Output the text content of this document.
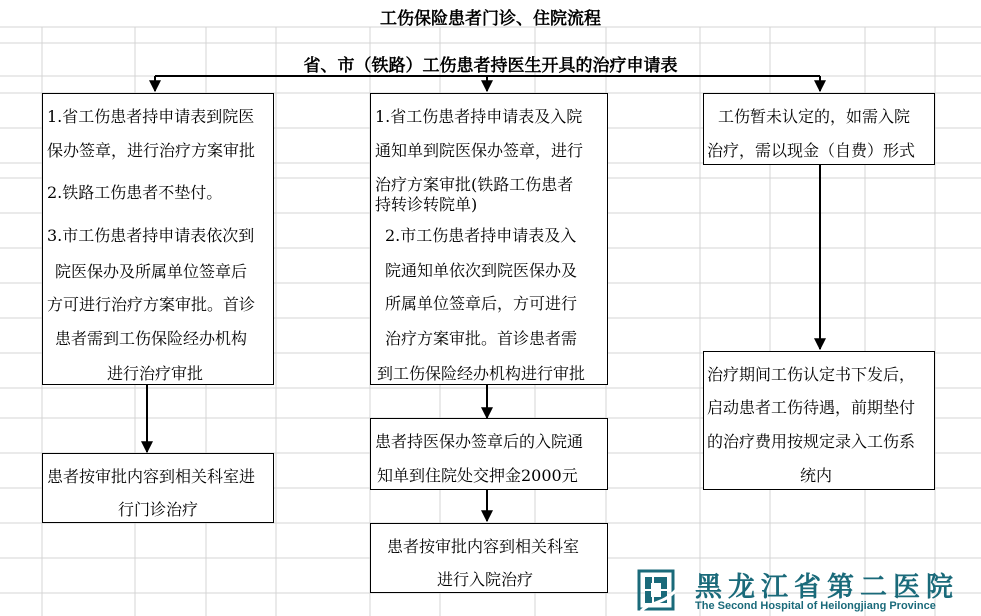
工伤保险患者门诊、住院流程
省、市（铁路）工伤患者持医生开具的治疗申请表

1.省工伤患者持申请表到院医

保办签章，进行治疗方案审批

2.铁路工伤患者不垫付。

3.市工伤患者持申请表依次到

院医保办及所属单位签章后

方可进行治疗方案审批。首诊

患者需到工伤保险经办机构

进行治疗审批

患者按审批内容到相关科室进

行门诊治疗

1.省工伤患者持申请表及入院

通知单到院医保办签章，进行

治疗方案审批(铁路工伤患者

持转诊转院单)

2.市工伤患者持申请表及入

院通知单依次到院医保办及

所属单位签章后，方可进行

治疗方案审批。首诊患者需

到工伤保险经办机构进行审批

患者持医保办签章后的入院通

知单到住院处交押金2000元

患者按审批内容到相关科室

进行入院治疗

工伤暂未认定的，如需入院

治疗，需以现金（自费）形式

治疗期间工伤认定书下发后，

启动患者工伤待遇，前期垫付

的治疗费用按规定录入工伤系

统内

黑龙江省第二医院
The Second Hospital of Heilongjiang Province
